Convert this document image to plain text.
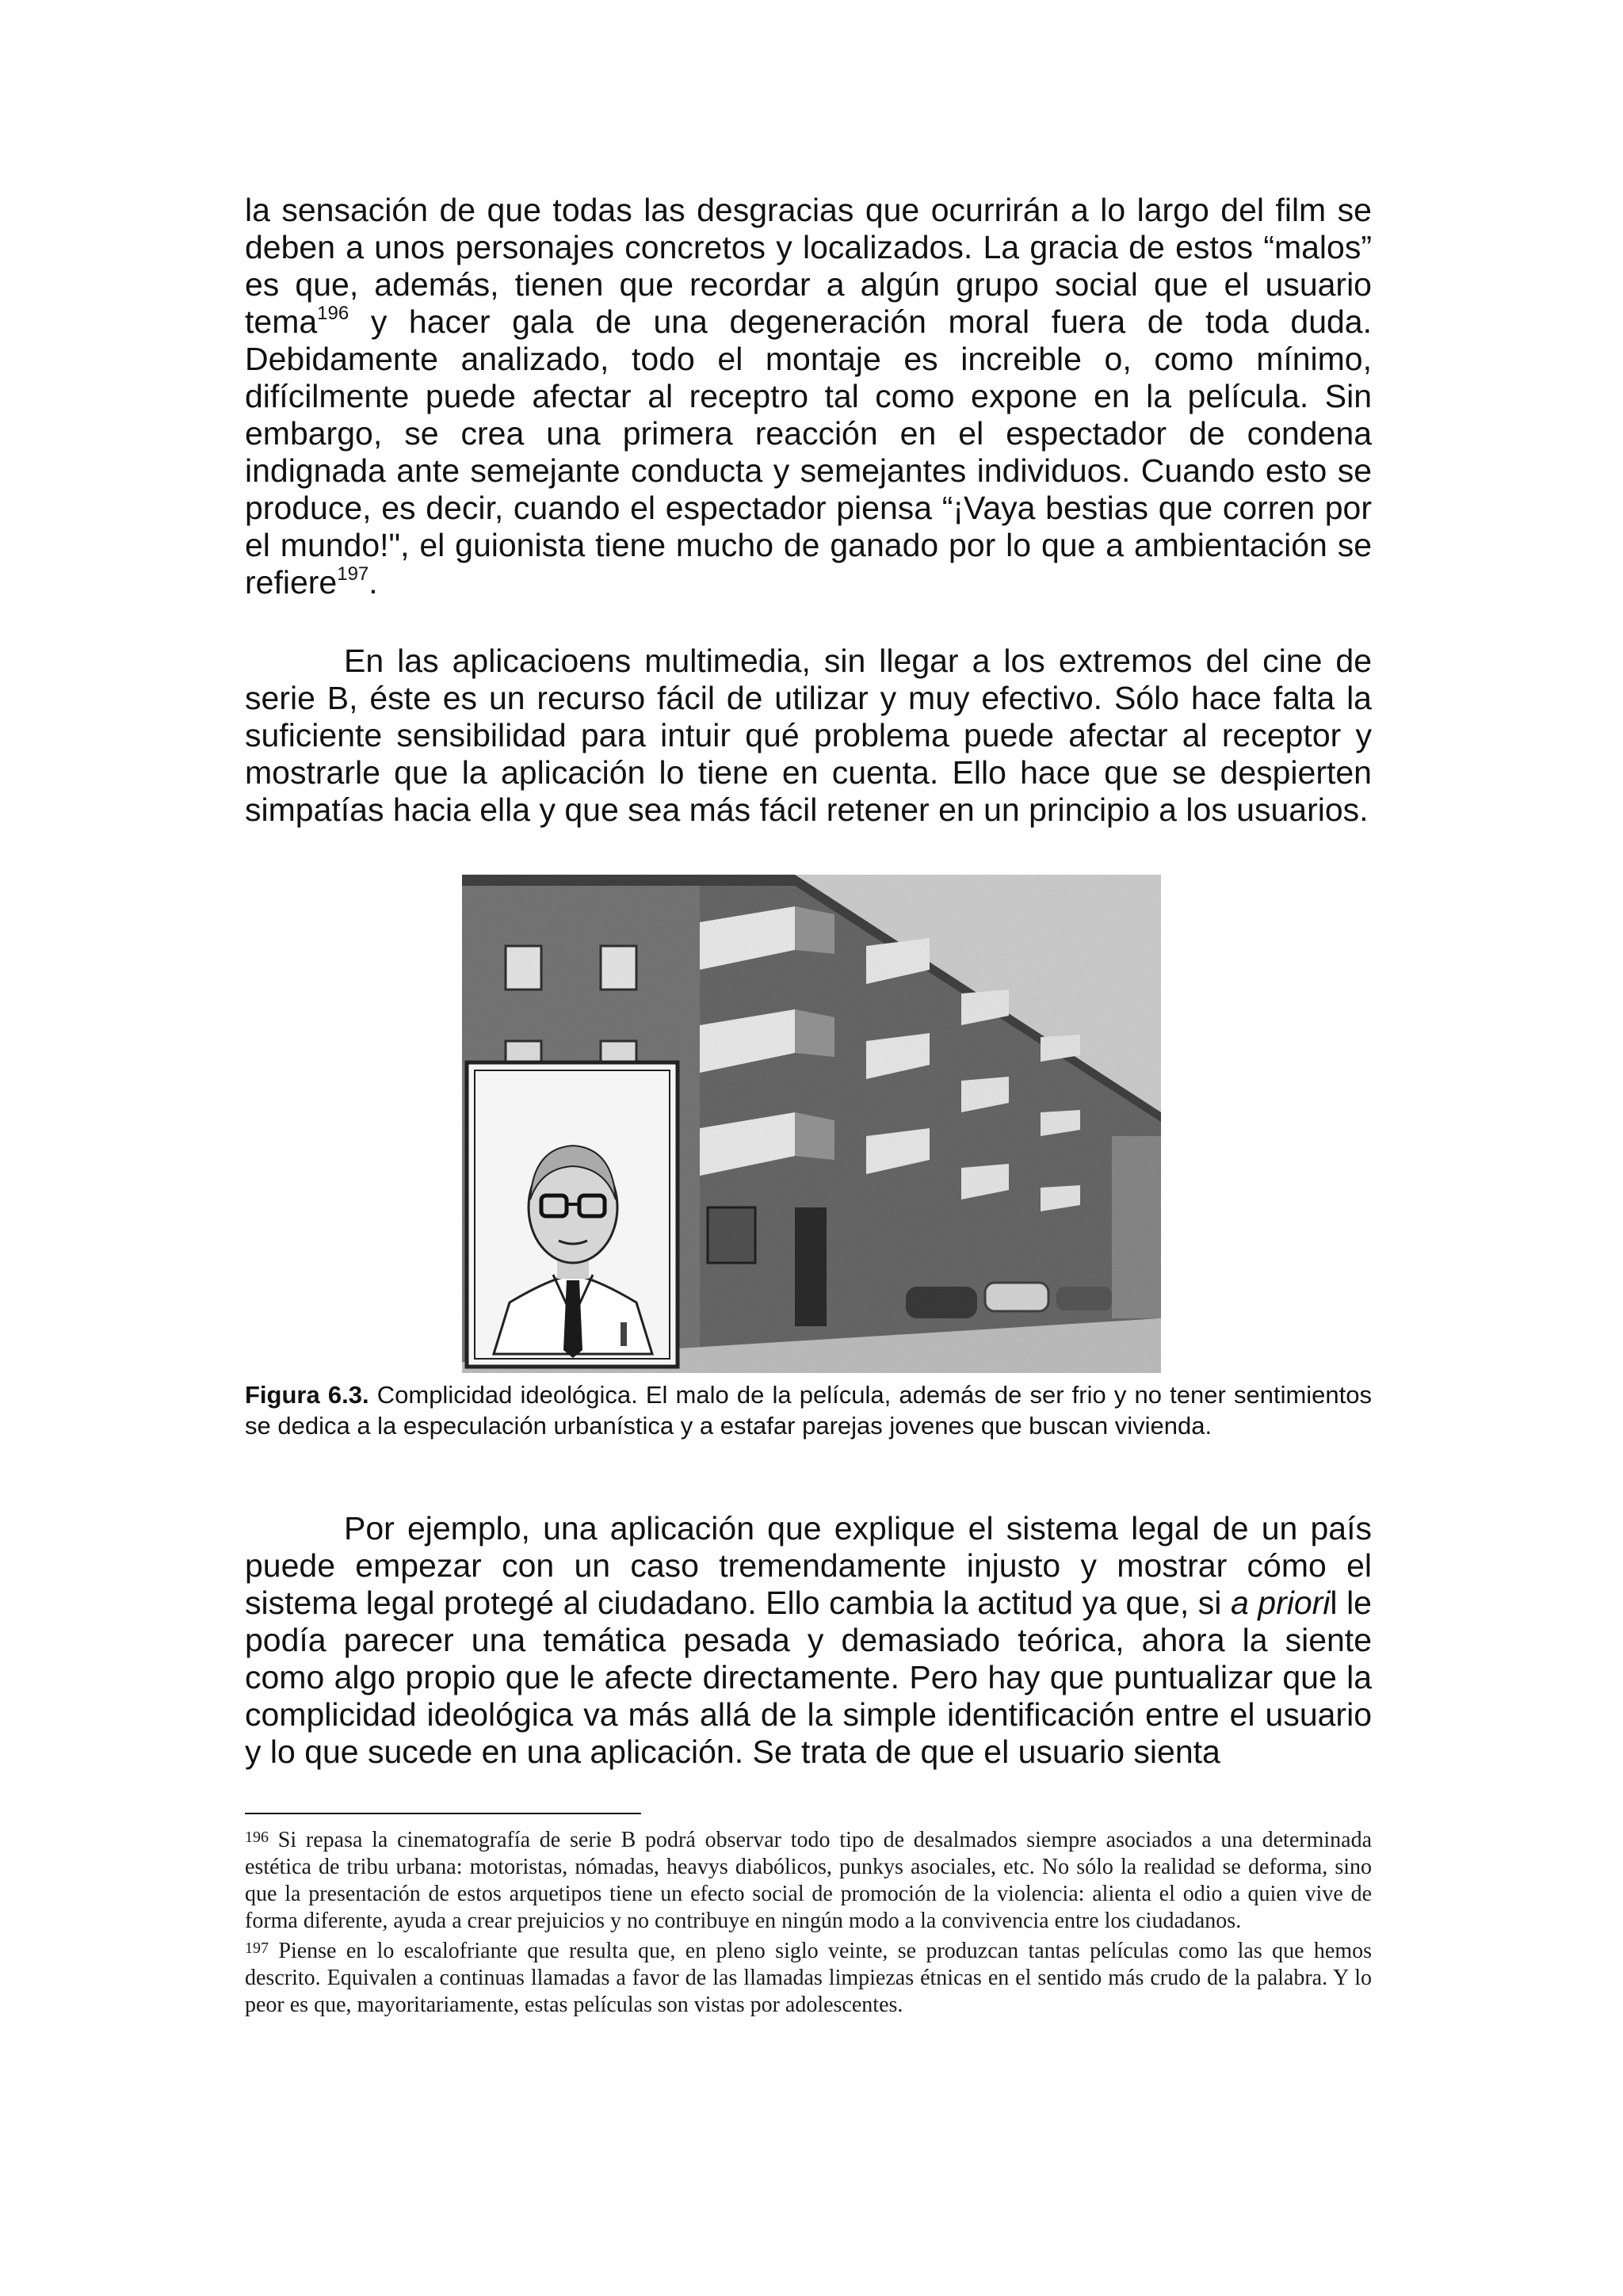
la sensación de que todas las desgracias que ocurrirán a lo largo del film se deben a unos personajes concretos y localizados. La gracia de estos “malos” es que, además, tienen que recordar a algún grupo social que el usuario tema$^{196}$ y hacer gala de una degeneración moral fuera de toda duda. Debidamente analizado, todo el montaje es increible o, como mínimo, difícilmente puede afectar al receptro tal como expone en la película. Sin embargo, se crea una primera reacción en el espectador de condena indignada ante semejante conducta y semejantes individuos. Cuando esto se produce, es decir, cuando el espectador piensa “¡Vaya bestias que corren por el mundo!", el guionista tiene mucho de ganado por lo que a ambientación se refiere$^{197}$.

En las aplicacioens multimedia, sin llegar a los extremos del cine de serie B, éste es un recurso fácil de utilizar y muy efectivo. Sólo hace falta la suficiente sensibilidad para intuir qué problema puede afectar al receptor y mostrarle que la aplicación lo tiene en cuenta. Ello hace que se despierten simpatías hacia ella y que sea más fácil retener en un principio a los usuarios.

Figura 6.3. Complicidad ideológica. El malo de la película, además de ser frio y no tener sentimientos se dedica a la especulación urbanística y a estafar parejas jovenes que buscan vivienda.

Por ejemplo, una aplicación que explique el sistema legal de un país puede empezar con un caso tremendamente injusto y mostrar cómo el sistema legal protegé al ciudadano. Ello cambia la actitud ya que, si a prioril le podía parecer una temática pesada y demasiado teórica, ahora la siente como algo propio que le afecte directamente. Pero hay que puntualizar que la complicidad ideológica va más allá de la simple identificación entre el usuario y lo que sucede en una aplicación. Se trata de que el usuario sienta

$^{196}$ Si repasa la cinematografía de serie B podrá observar todo tipo de desalmados siempre asociados a una determinada estética de tribu urbana: motoristas, nómadas, heavys diabólicos, punkys asociales, etc. No sólo la realidad se deforma, sino que la presentación de estos arquetipos tiene un efecto social de promoción de la violencia: alienta el odio a quien vive de forma diferente, ayuda a crear prejuicios y no contribuye en ningún modo a la convivencia entre los ciudadanos.

$^{197}$ Piense en lo escalofriante que resulta que, en pleno siglo veinte, se produzcan tantas películas como las que hemos descrito. Equivalen a continuas llamadas a favor de las llamadas limpiezas étnicas en el sentido más crudo de la palabra. Y lo peor es que, mayoritariamente, estas películas son vistas por adolescentes.
